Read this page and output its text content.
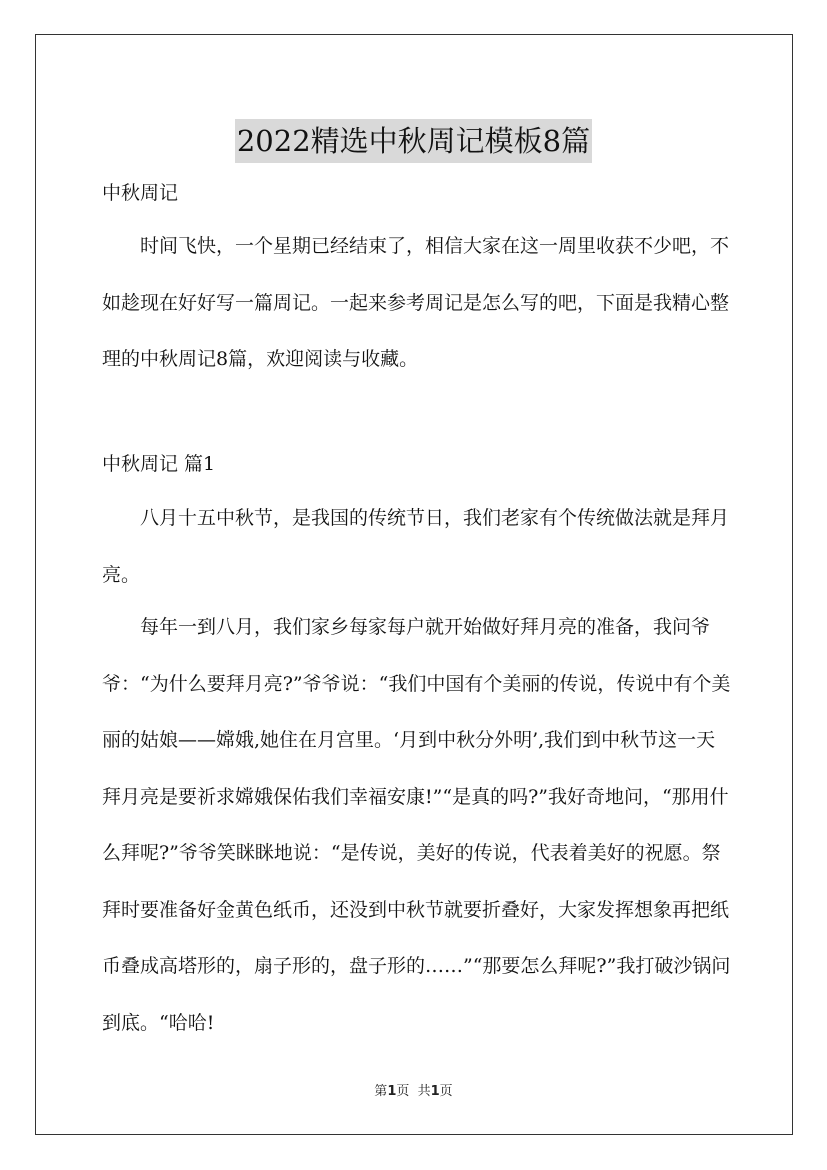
2022精选中秋周记模板8篇

中秋周记

时间飞快，一个星期已经结束了，相信大家在这一周里收获不少吧，不如趁现在好好写一篇周记。一起来参考周记是怎么写的吧，下面是我精心整理的中秋周记8篇，欢迎阅读与收藏。

中秋周记 篇1

八月十五中秋节，是我国的传统节日，我们老家有个传统做法就是拜月亮。

每年一到八月，我们家乡每家每户就开始做好拜月亮的准备，我问爷爷：“为什么要拜月亮?”爷爷说：“我们中国有个美丽的传说，传说中有个美丽的姑娘——嫦娥,她住在月宫里。‘月到中秋分外明’,我们到中秋节这一天拜月亮是要祈求嫦娥保佑我们幸福安康!”“是真的吗?”我好奇地问，“那用什么拜呢?”爷爷笑眯眯地说：“是传说，美好的传说，代表着美好的祝愿。祭拜时要准备好金黄色纸币，还没到中秋节就要折叠好，大家发挥想象再把纸币叠成高塔形的，扇子形的，盘子形的……”“那要怎么拜呢?”我打破沙锅问到底。“哈哈!

第1页  共1页
